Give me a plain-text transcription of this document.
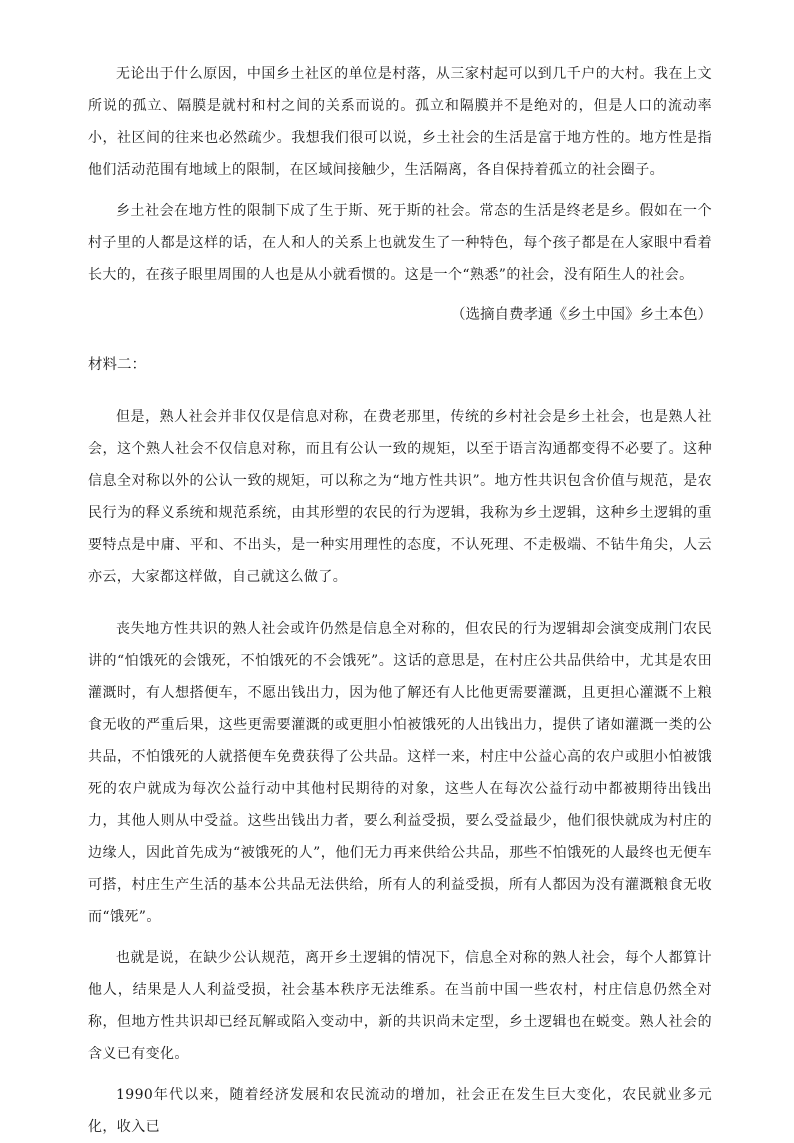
无论出于什么原因，中国乡土社区的单位是村落，从三家村起可以到几千户的大村。我在上文所说的孤立、隔膜是就村和村之间的关系而说的。孤立和隔膜并不是绝对的，但是人口的流动率小，社区间的往来也必然疏少。我想我们很可以说，乡土社会的生活是富于地方性的。地方性是指他们活动范围有地域上的限制，在区域间接触少，生活隔离，各自保持着孤立的社会圈子。

乡土社会在地方性的限制下成了生于斯、死于斯的社会。常态的生活是终老是乡。假如在一个村子里的人都是这样的话，在人和人的关系上也就发生了一种特色，每个孩子都是在人家眼中看着长大的，在孩子眼里周围的人也是从小就看惯的。这是一个“熟悉”的社会，没有陌生人的社会。

（选摘自费孝通《乡土中国》乡土本色）

材料二：

但是，熟人社会并非仅仅是信息对称，在费老那里，传统的乡村社会是乡土社会，也是熟人社会，这个熟人社会不仅信息对称，而且有公认一致的规矩，以至于语言沟通都变得不必要了。这种信息全对称以外的公认一致的规矩，可以称之为“地方性共识”。地方性共识包含价值与规范，是农民行为的释义系统和规范系统，由其形塑的农民的行为逻辑，我称为乡土逻辑，这种乡土逻辑的重要特点是中庸、平和、不出头，是一种实用理性的态度，不认死理、不走极端、不钻牛角尖，人云亦云，大家都这样做，自己就这么做了。

丧失地方性共识的熟人社会或许仍然是信息全对称的，但农民的行为逻辑却会演变成荆门农民讲的“怕饿死的会饿死，不怕饿死的不会饿死”。这话的意思是，在村庄公共品供给中，尤其是农田灌溉时，有人想搭便车，不愿出钱出力，因为他了解还有人比他更需要灌溉，且更担心灌溉不上粮食无收的严重后果，这些更需要灌溉的或更胆小怕被饿死的人出钱出力，提供了诸如灌溉一类的公共品，不怕饿死的人就搭便车免费获得了公共品。这样一来，村庄中公益心高的农户或胆小怕被饿死的农户就成为每次公益行动中其他村民期待的对象，这些人在每次公益行动中都被期待出钱出力，其他人则从中受益。这些出钱出力者，要么利益受损，要么受益最少，他们很快就成为村庄的边缘人，因此首先成为“被饿死的人”，他们无力再来供给公共品，那些不怕饿死的人最终也无便车可搭，村庄生产生活的基本公共品无法供给，所有人的利益受损，所有人都因为没有灌溉粮食无收而“饿死”。

也就是说，在缺少公认规范，离开乡土逻辑的情况下，信息全对称的熟人社会，每个人都算计他人，结果是人人利益受损，社会基本秩序无法维系。在当前中国一些农村，村庄信息仍然全对称，但地方性共识却已经瓦解或陷入变动中，新的共识尚未定型，乡土逻辑也在蜕变。熟人社会的含义已有变化。

1990年代以来，随着经济发展和农民流动的增加，社会正在发生巨大变化，农民就业多元化，收入已
